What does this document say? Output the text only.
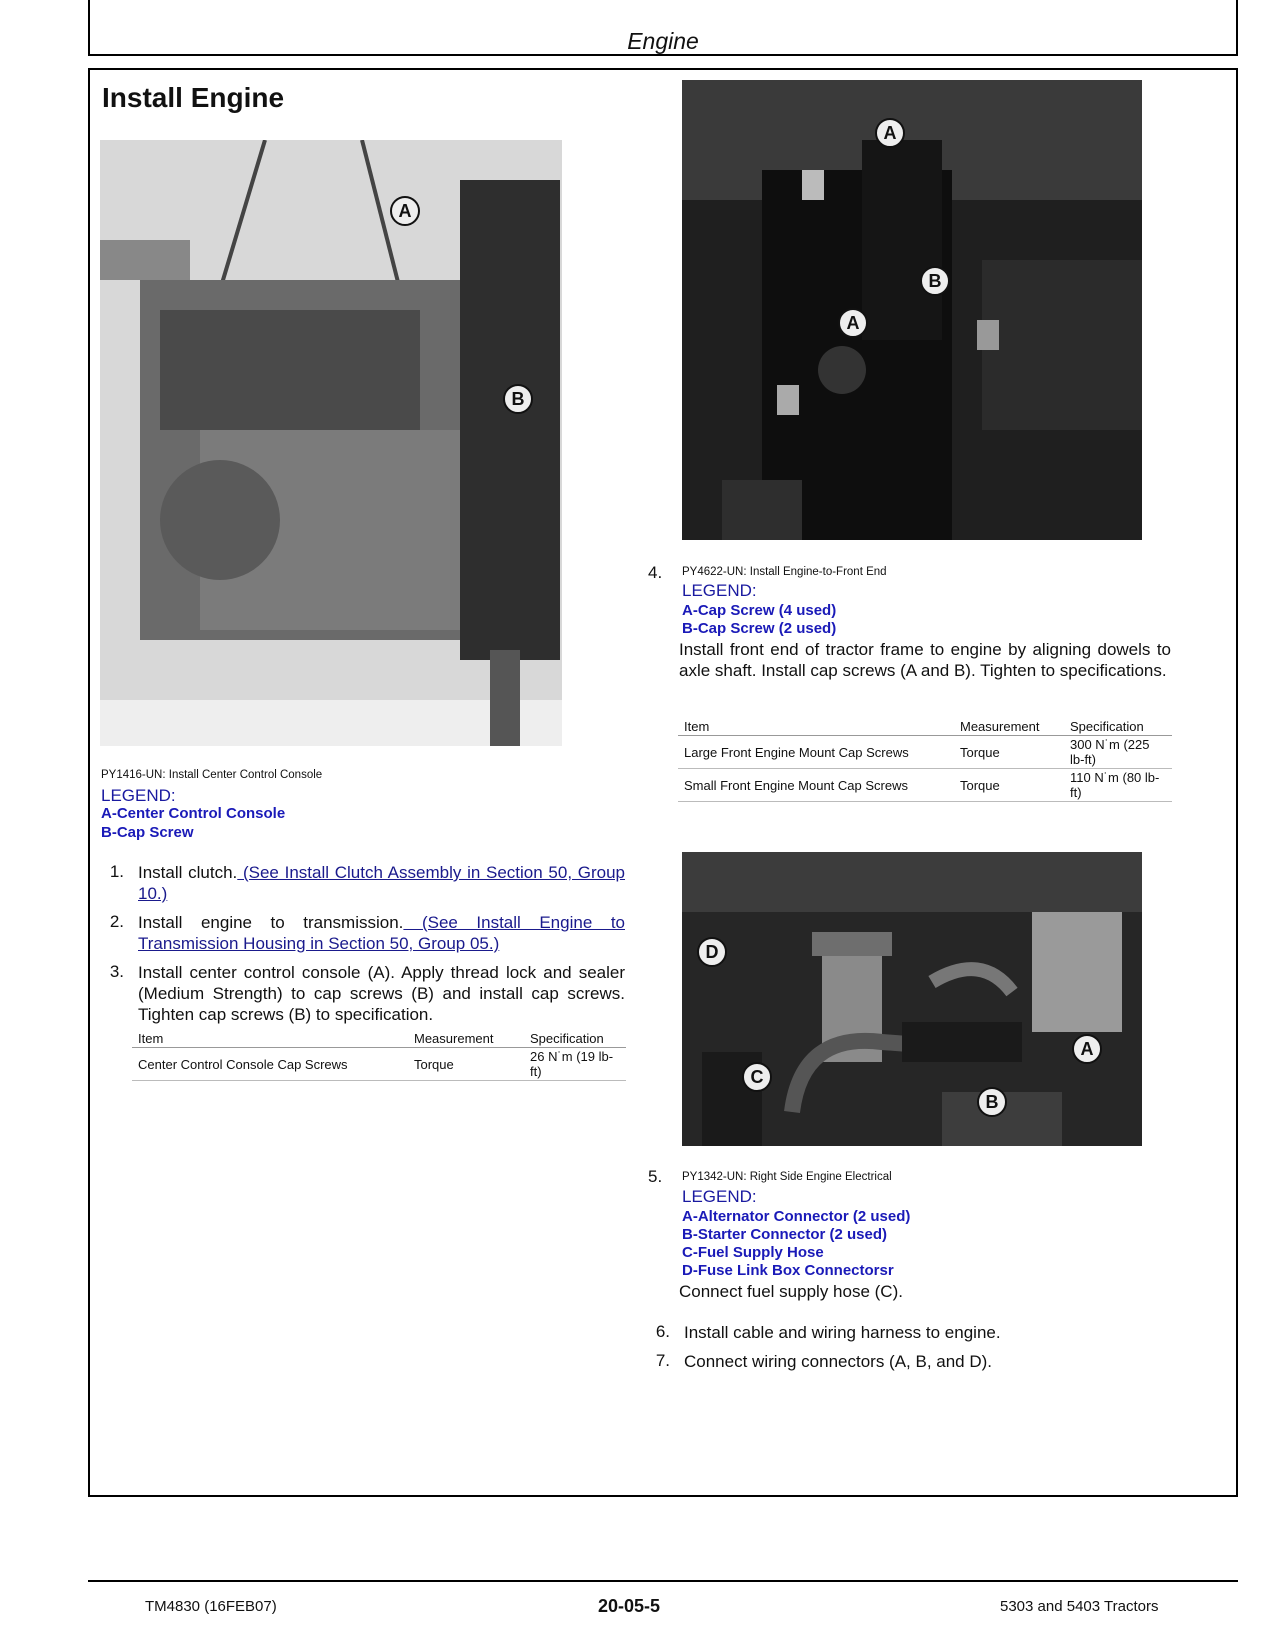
Engine
Install Engine
A
B
PY1416-UN: Install Center Control Console
LEGEND:
A-Center Control Console
B-Cap Screw
1. Install clutch. (See Install Clutch Assembly in Section 50, Group 10.)
2. Install engine to transmission. (See Install Engine to Transmission Housing in Section 50, Group 05.)
3. Install center control console (A). Apply thread lock and sealer (Medium Strength) to cap screws (B) and install cap screws. Tighten cap screws (B) to specification.
Item	Measurement	Specification
Center Control Console Cap Screws	Torque	26 N˙m (19 lb-ft)
A
B
A
4. PY4622-UN: Install Engine-to-Front End
LEGEND:
A-Cap Screw (4 used)
B-Cap Screw (2 used)
Install front end of tractor frame to engine by aligning dowels to axle shaft. Install cap screws (A and B). Tighten to specifications.
Item	Measurement	Specification
Large Front Engine Mount Cap Screws	Torque	300 N˙m (225 lb-ft)
Small Front Engine Mount Cap Screws	Torque	110 N˙m (80 lb-ft)
D
C
B
A
5. PY1342-UN: Right Side Engine Electrical
LEGEND:
A-Alternator Connector (2 used)
B-Starter Connector (2 used)
C-Fuel Supply Hose
D-Fuse Link Box Connectorsr
Connect fuel supply hose (C).
6. Install cable and wiring harness to engine.
7. Connect wiring connectors (A, B, and D).
TM4830 (16FEB07)	20-05-5	5303 and 5403 Tractors
